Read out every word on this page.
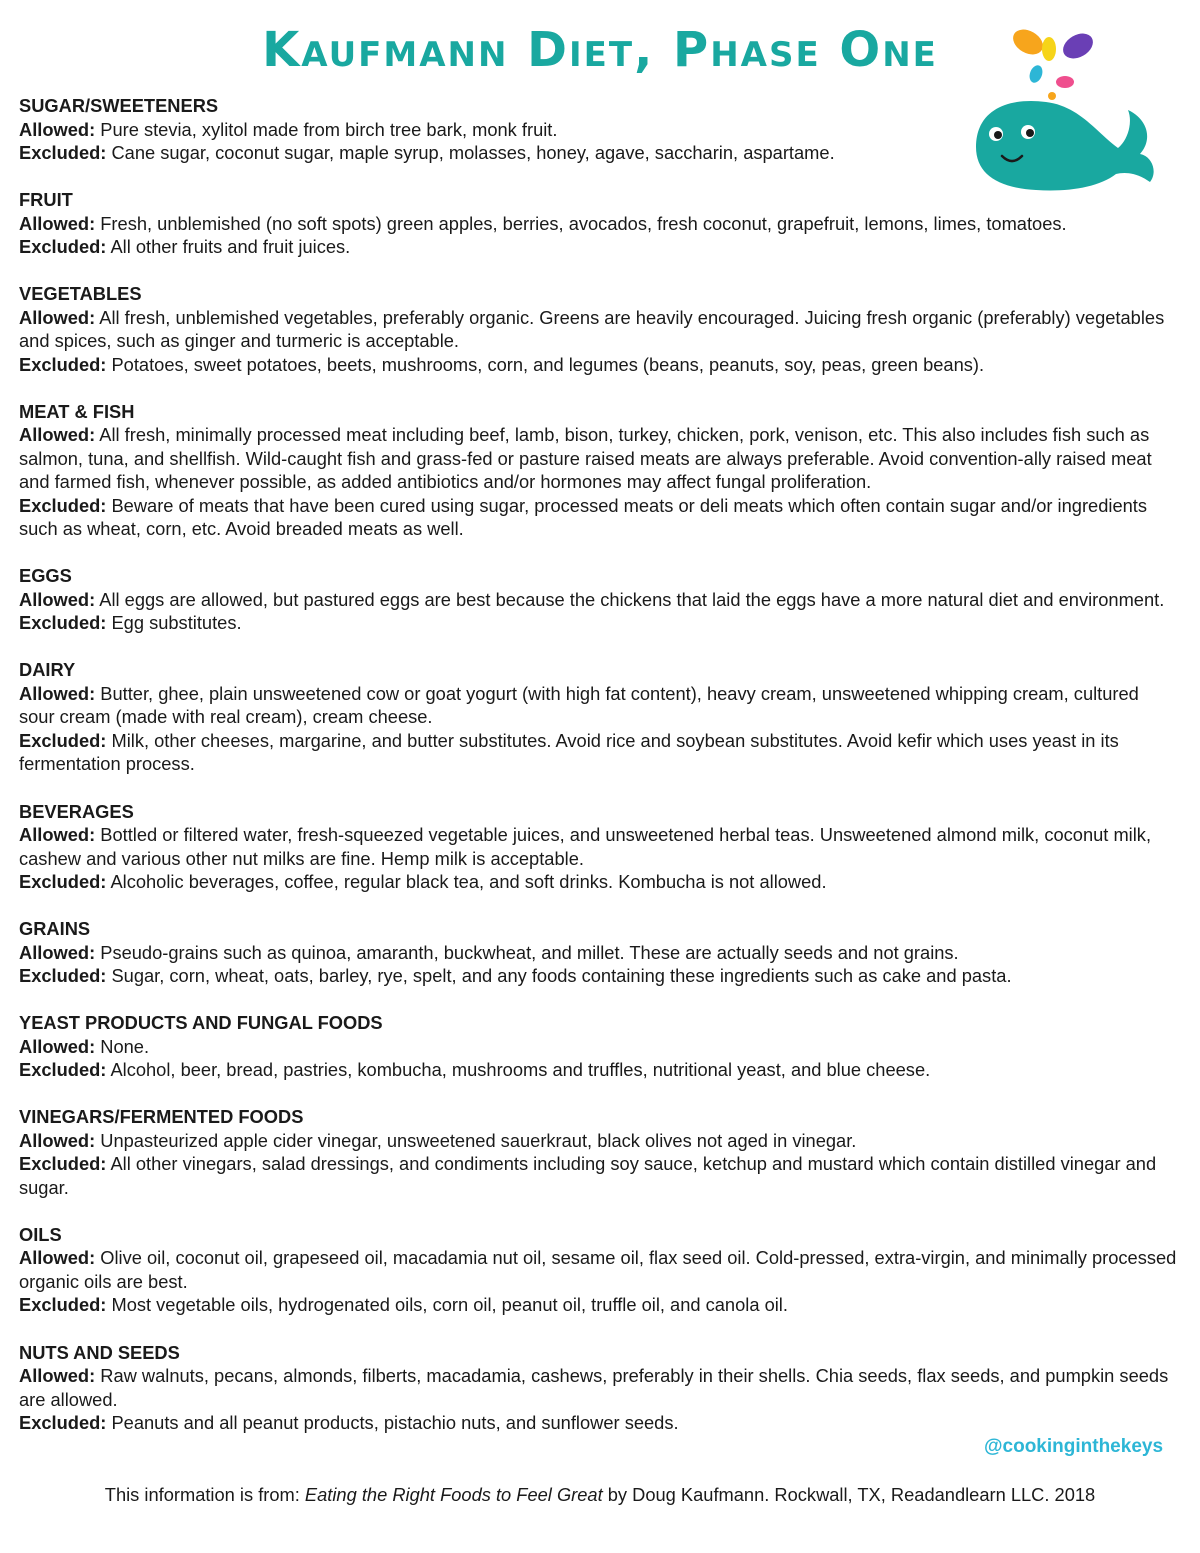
Kaufmann Diet, Phase One
SUGAR/SWEETENERS

Allowed: Pure stevia, xylitol made from birch tree bark, monk fruit.

Excluded: Cane sugar, coconut sugar, maple syrup, molasses, honey, agave, saccharin, aspartame.

FRUIT

Allowed: Fresh, unblemished (no soft spots) green apples, berries, avocados, fresh coconut, grapefruit, lemons, limes, tomatoes.

Excluded: All other fruits and fruit juices.

VEGETABLES

Allowed: All fresh, unblemished vegetables, preferably organic. Greens are heavily encouraged. Juicing fresh organic (preferably) vegetables and spices, such as ginger and turmeric is acceptable.

Excluded: Potatoes, sweet potatoes, beets, mushrooms, corn, and legumes (beans, peanuts, soy, peas, green beans).

MEAT & FISH

Allowed: All fresh, minimally processed meat including beef, lamb, bison, turkey, chicken, pork, venison, etc. This also includes fish such as salmon, tuna, and shellfish. Wild-caught fish and grass-fed or pasture raised meats are always preferable. Avoid convention-ally raised meat and farmed fish, whenever possible, as added antibiotics and/or hormones may affect fungal proliferation.

Excluded: Beware of meats that have been cured using sugar, processed meats or deli meats which often contain sugar and/or ingredients such as wheat, corn, etc. Avoid breaded meats as well.

EGGS

Allowed: All eggs are allowed, but pastured eggs are best because the chickens that laid the eggs have a more natural diet and environment.

Excluded: Egg substitutes.

DAIRY

Allowed: Butter, ghee, plain unsweetened cow or goat yogurt (with high fat content), heavy cream, unsweetened whipping cream, cultured sour cream (made with real cream), cream cheese.

Excluded: Milk, other cheeses, margarine, and butter substitutes. Avoid rice and soybean substitutes. Avoid kefir which uses yeast in its fermentation process.

BEVERAGES

Allowed: Bottled or filtered water, fresh-squeezed vegetable juices, and unsweetened herbal teas. Unsweetened almond milk, coconut milk, cashew and various other nut milks are fine. Hemp milk is acceptable.

Excluded: Alcoholic beverages, coffee, regular black tea, and soft drinks. Kombucha is not allowed.

GRAINS

Allowed: Pseudo-grains such as quinoa, amaranth, buckwheat, and millet. These are actually seeds and not grains.

Excluded: Sugar, corn, wheat, oats, barley, rye, spelt, and any foods containing these ingredients such as cake and pasta.

YEAST PRODUCTS AND FUNGAL FOODS

Allowed: None.

Excluded: Alcohol, beer, bread, pastries, kombucha, mushrooms and truffles, nutritional yeast, and blue cheese.

VINEGARS/FERMENTED FOODS

Allowed: Unpasteurized apple cider vinegar, unsweetened sauerkraut, black olives not aged in vinegar.

Excluded: All other vinegars, salad dressings, and condiments including soy sauce, ketchup and mustard which contain distilled vinegar and sugar.

OILS

Allowed: Olive oil, coconut oil, grapeseed oil, macadamia nut oil, sesame oil, flax seed oil. Cold-pressed, extra-virgin, and minimally processed organic oils are best.

Excluded: Most vegetable oils, hydrogenated oils, corn oil, peanut oil, truffle oil, and canola oil.

NUTS AND SEEDS

Allowed: Raw walnuts, pecans, almonds, filberts, macadamia, cashews, preferably in their shells. Chia seeds, flax seeds, and pumpkin seeds are allowed.

Excluded: Peanuts and all peanut products, pistachio nuts, and sunflower seeds.

@cookinginthekeys
This information is from: Eating the Right Foods to Feel Great by Doug Kaufmann. Rockwall, TX, Readandlearn LLC. 2018
